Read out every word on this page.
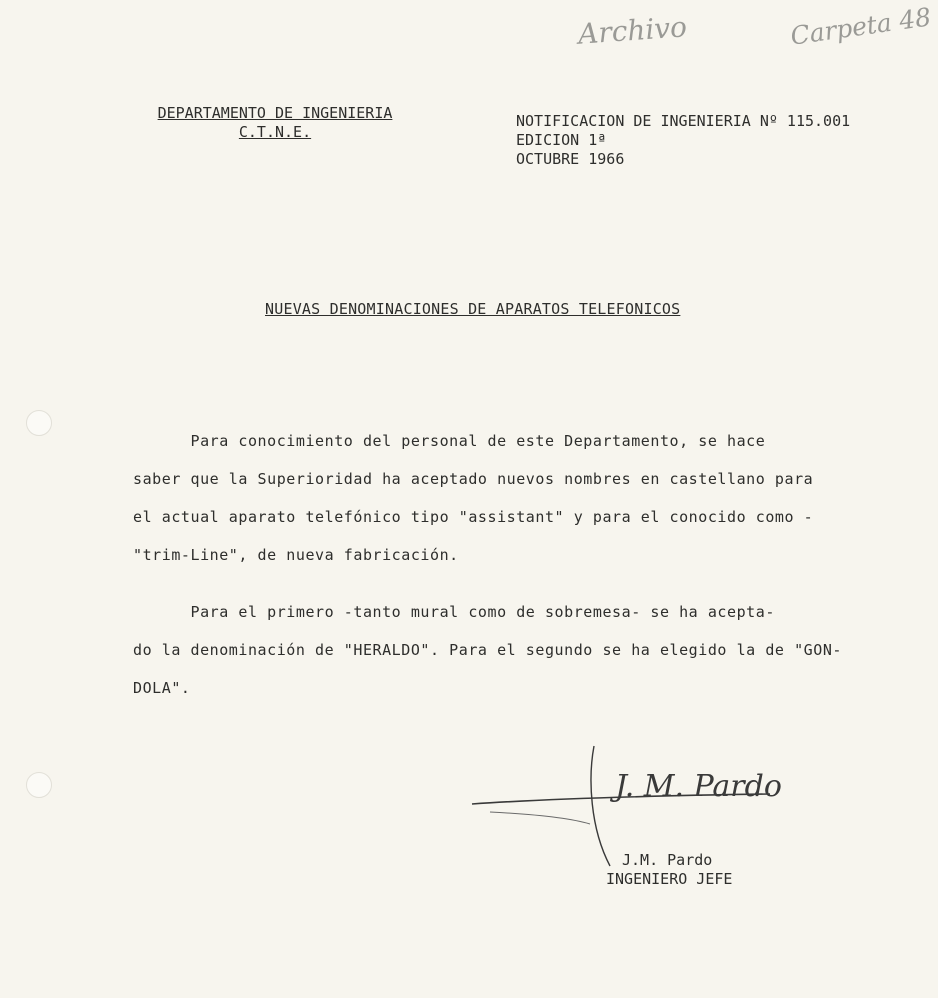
Archivo	Carpeta 48
DEPARTAMENTO DE INGENIERIA
C.T.N.E.
NOTIFICACION DE INGENIERIA Nº 115.001
EDICION 1ª
OCTUBRE 1966
NUEVAS DENOMINACIONES DE APARATOS TELEFONICOS
Para conocimiento del personal de este Departamento, se hace
saber que la Superioridad ha aceptado nuevos nombres en castellano para
el actual aparato telefónico tipo "assistant" y para el conocido como -
"trim-Line", de nueva fabricación.
Para el primero -tanto mural como de sobremesa- se ha acepta-
do la denominación de "HERALDO". Para el segundo se ha elegido la de "GON-
DOLA".
J. M. Pardo
J.M. Pardo
INGENIERO JEFE
